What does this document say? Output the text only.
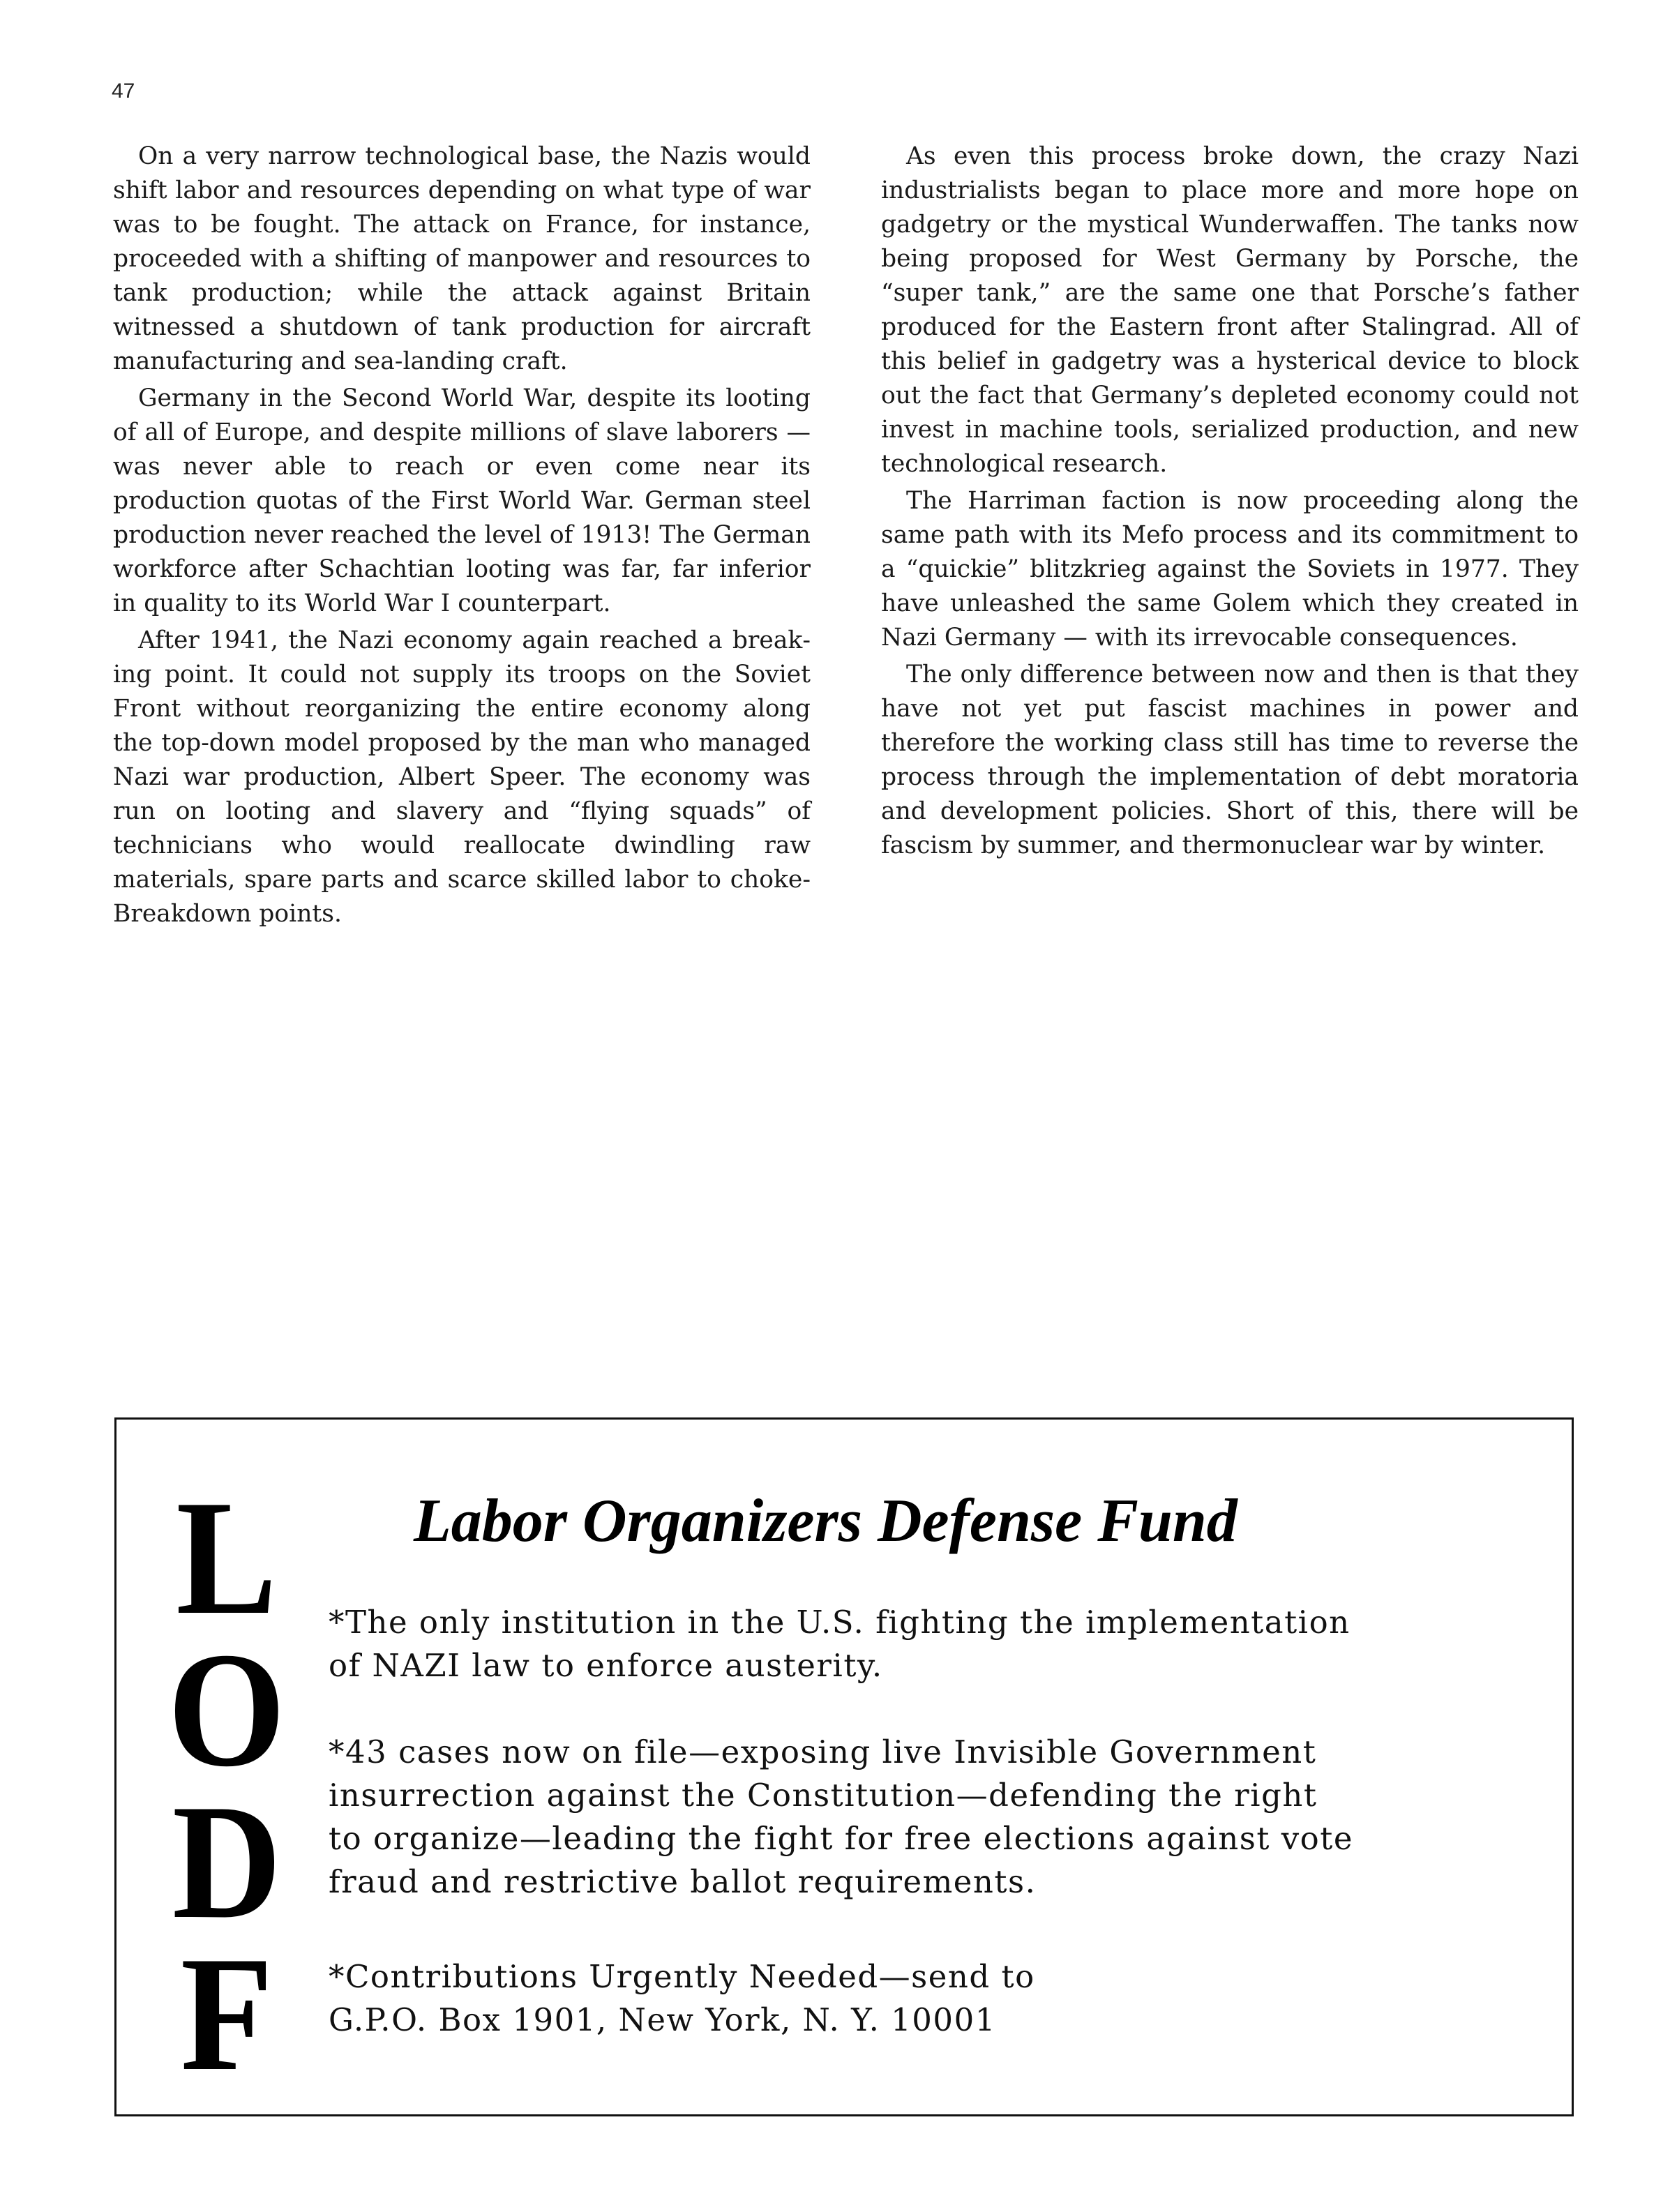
47

On a very narrow technological base, the Nazis would shift labor and resources depending on what type of war was to be fought. The attack on France, for instance, proceeded with a shifting of manpower and resources to tank production; while the attack against Britain witnessed a shutdown of tank production for aircraft manufacturing and sea-landing craft.

Germany in the Second World War, despite its looting of all of Europe, and despite millions of slave laborers — was never able to reach or even come near its production quotas of the First World War. German steel production never reached the level of 1913! The German workforce after Schachtian looting was far, far inferior in quality to its World War I counterpart.

After 1941, the Nazi economy again reached a breaking point. It could not supply its troops on the Soviet Front without reorganizing the entire economy along the top-down model proposed by the man who managed Nazi war production, Albert Speer. The economy was run on looting and slavery and “flying squads” of technicians who would reallocate dwindling raw materials, spare parts and scarce skilled labor to choke-Breakdown points.

As even this process broke down, the crazy Nazi industrialists began to place more and more hope on gadgetry or the mystical Wunderwaffen. The tanks now being proposed for West Germany by Porsche, the “super tank,” are the same one that Porsche’s father produced for the Eastern front after Stalingrad. All of this belief in gadgetry was a hysterical device to block out the fact that Germany’s depleted economy could not invest in machine tools, serialized production, and new technological research.

The Harriman faction is now proceeding along the same path with its Mefo process and its commitment to a “quickie” blitzkrieg against the Soviets in 1977. They have unleashed the same Golem which they created in Nazi Germany — with its irrevocable consequences.

The only difference between now and then is that they have not yet put fascist machines in power and therefore the working class still has time to reverse the process through the implementation of debt moratoria and development policies. Short of this, there will be fascism by summer, and thermonuclear war by winter.

L
O
D
F
Labor Organizers Defense Fund
*The only institution in the U.S. fighting the implementation
of NAZI law to enforce austerity.
*43 cases now on file—exposing live Invisible Government
insurrection against the Constitution—defending the right
to organize—leading the fight for free elections against vote
fraud and restrictive ballot requirements.
*Contributions Urgently Needed—send to
G.P.O. Box 1901, New York, N. Y. 10001
